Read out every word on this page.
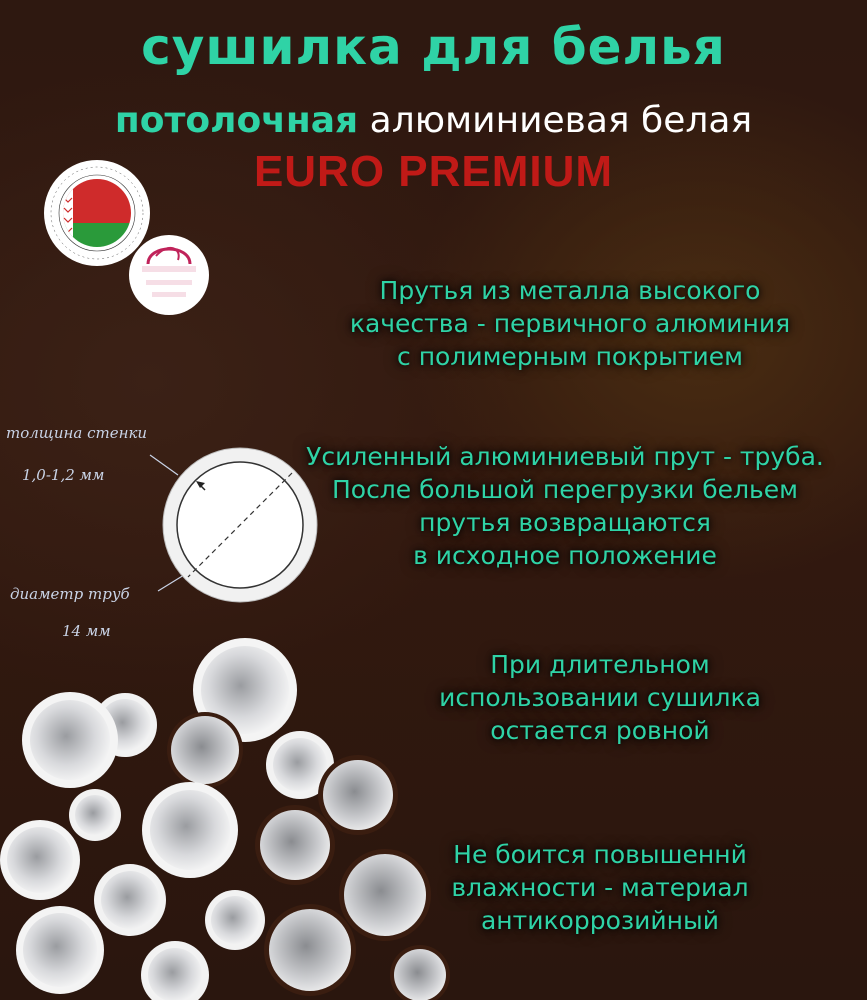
сушилка для белья
потолочная алюминиевая белая
EURO PREMIUM
толщина стенки
1,0-1,2 мм
диаметр труб
14 мм
Прутья из металла высокого
качества - первичного алюминия
с полимерным покрытием
Усиленный алюминиевый прут - труба.
После большой перегрузки бельем
прутья возвращаются
в исходное положение
При длительном
использовании сушилка
остается ровной
Не боится повышеннй
влажности - материал
антикоррозийный
